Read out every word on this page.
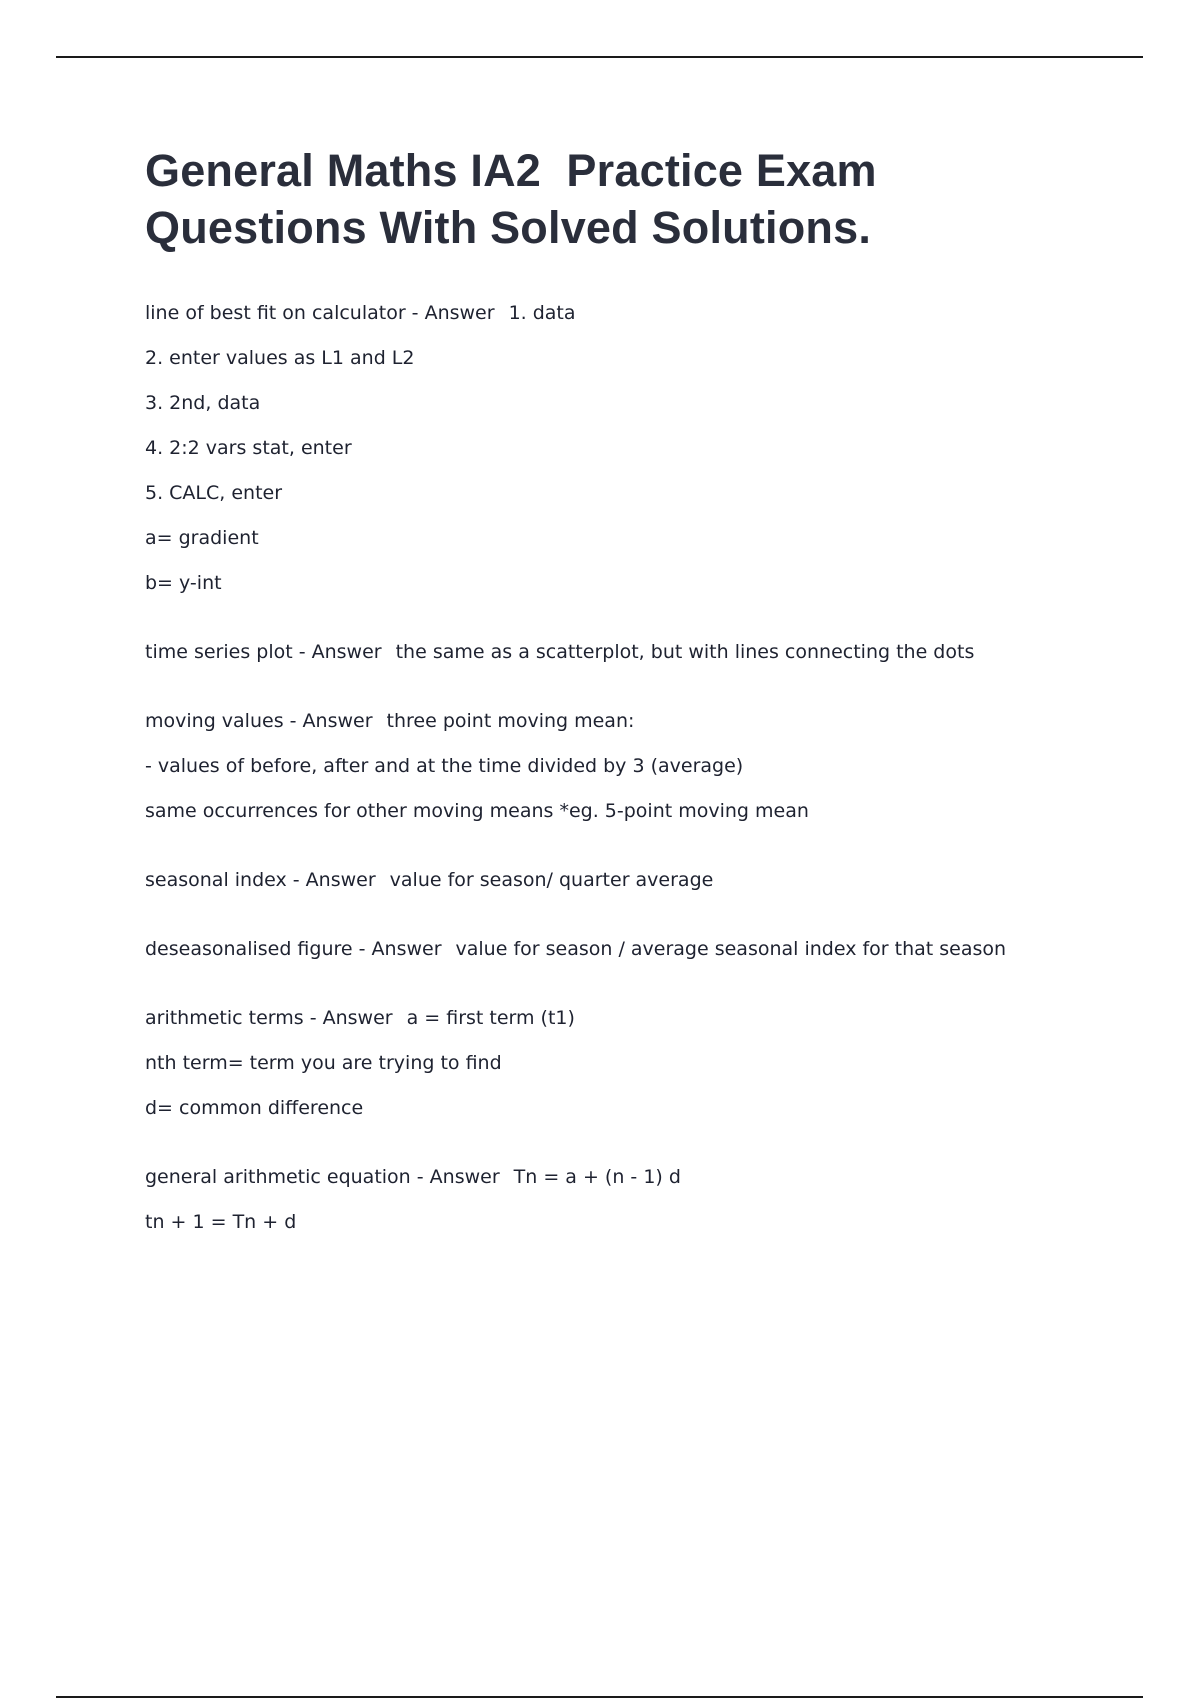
General Maths IA2  Practice Exam Questions With Solved Solutions.

line of best fit on calculator - Answer 1. data

2. enter values as L1 and L2

3. 2nd, data

4. 2:2 vars stat, enter

5. CALC, enter

a= gradient

b= y-int

time series plot - Answer the same as a scatterplot, but with lines connecting the dots

moving values - Answer three point moving mean:

- values of before, after and at the time divided by 3 (average)

same occurrences for other moving means *eg. 5-point moving mean

seasonal index - Answer value for season/ quarter average

deseasonalised figure - Answer value for season / average seasonal index for that season

arithmetic terms - Answer a = first term (t1)

nth term= term you are trying to find

d= common difference

general arithmetic equation - Answer Tn = a + (n - 1) d

tn + 1 = Tn + d
